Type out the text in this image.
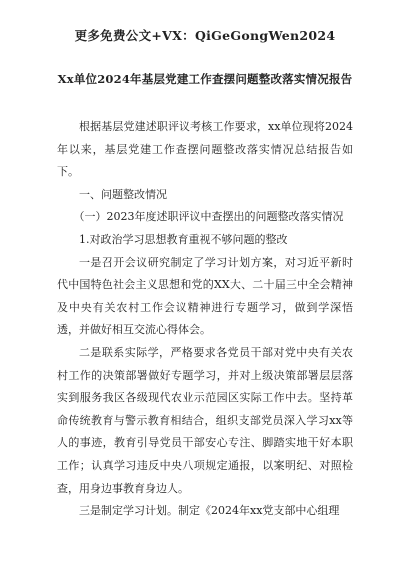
更多免费公文+VX：QiGeGongWen2024
Xx单位2024年基层党建工作查摆问题整改落实情况报告

根据基层党建述职评议考核工作要求，xx单位现将2024年以来，基层党建工作查摆问题整改落实情况总结报告如下。

一、问题整改情况

（一）2023年度述职评议中查摆出的问题整改落实情况

1.对政治学习思想教育重视不够问题的整改

一是召开会议研究制定了学习计划方案，对习近平新时代中国特色社会主义思想和党的XX大、二十届三中全会精神及中央有关农村工作会议精神进行专题学习，做到学深悟透，并做好相互交流心得体会。

二是联系实际学，严格要求各党员干部对党中央有关农村工作的决策部署做好专题学习，并对上级决策部署层层落实到服务我区各级现代农业示范园区实际工作中去。坚持革命传统教育与警示教育相结合，组织支部党员深入学习xx等人的事迹，教育引导党员干部安心专注、脚踏实地干好本职工作；认真学习违反中央八项规定通报，以案明纪、对照检查，用身边事教育身边人。

三是制定学习计划。制定《2024年xx党支部中心组理
